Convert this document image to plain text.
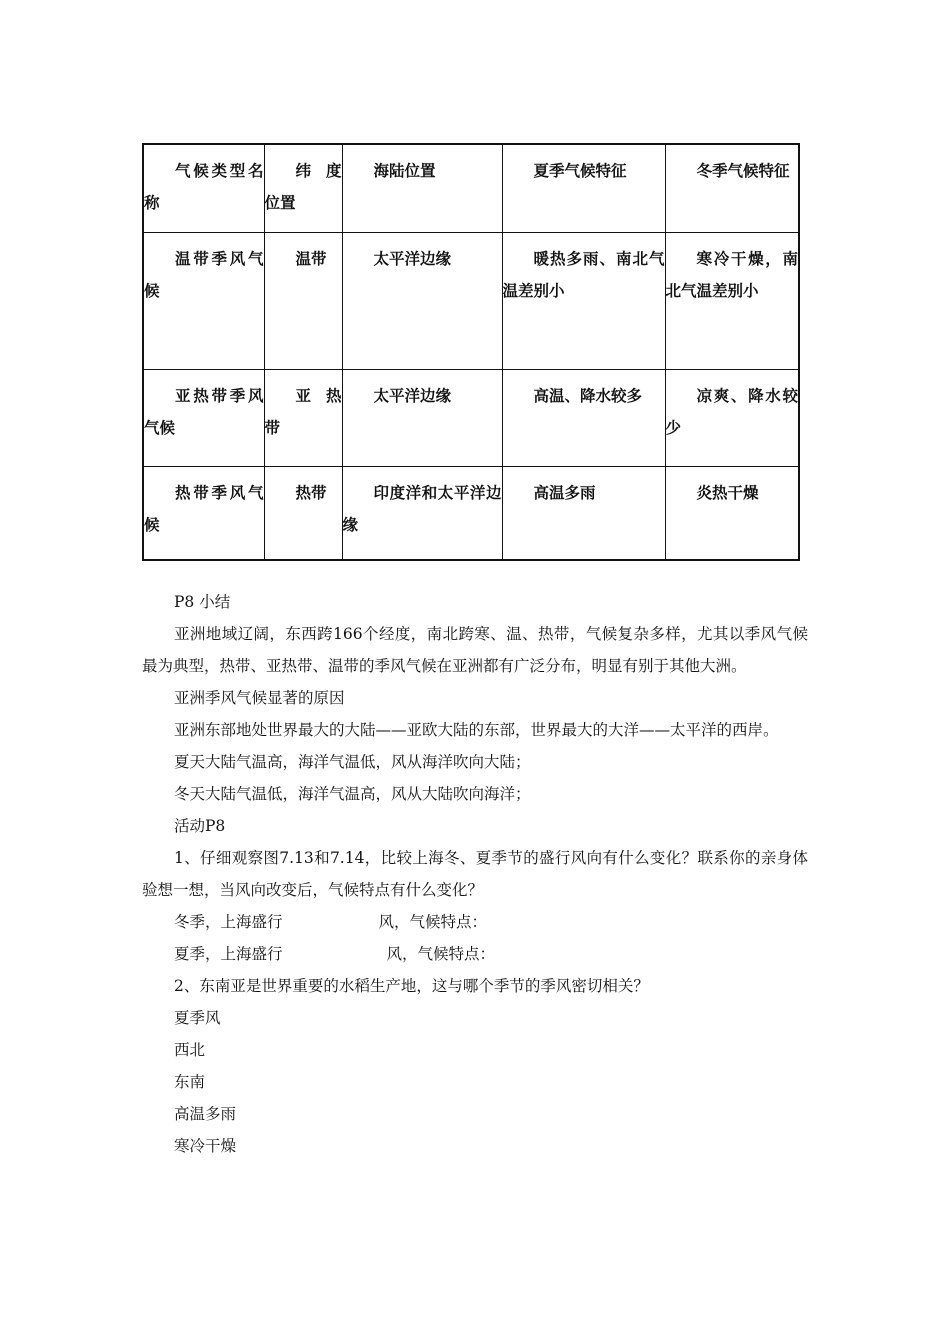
气候类型名称	纬度位置	海陆位置	夏季气候特征	冬季气候特征
温带季风气候	温带	太平洋边缘	暖热多雨、南北气温差别小	寒冷干燥，南北气温差别小
亚热带季风气候	亚热带	太平洋边缘	高温、降水较多	凉爽、降水较少
热带季风气候	热带	印度洋和太平洋边缘	高温多雨	炎热干燥

P8 小结

亚洲地域辽阔，东西跨166个经度，南北跨寒、温、热带，气候复杂多样，尤其以季风气候最为典型，热带、亚热带、温带的季风气候在亚洲都有广泛分布，明显有别于其他大洲。

亚洲季风气候显著的原因

亚洲东部地处世界最大的大陆——亚欧大陆的东部，世界最大的大洋——太平洋的西岸。

夏天大陆气温高，海洋气温低，风从海洋吹向大陆；

冬天大陆气温低，海洋气温高，风从大陆吹向海洋；

活动P8

1、仔细观察图7.13和7.14，比较上海冬、夏季节的盛行风向有什么变化？联系你的亲身体验想一想，当风向改变后，气候特点有什么变化？

冬季，上海盛行	风，气候特点：

夏季，上海盛行	风，气候特点：

2、东南亚是世界重要的水稻生产地，这与哪个季节的季风密切相关？

夏季风

西北

东南

高温多雨

寒冷干燥
